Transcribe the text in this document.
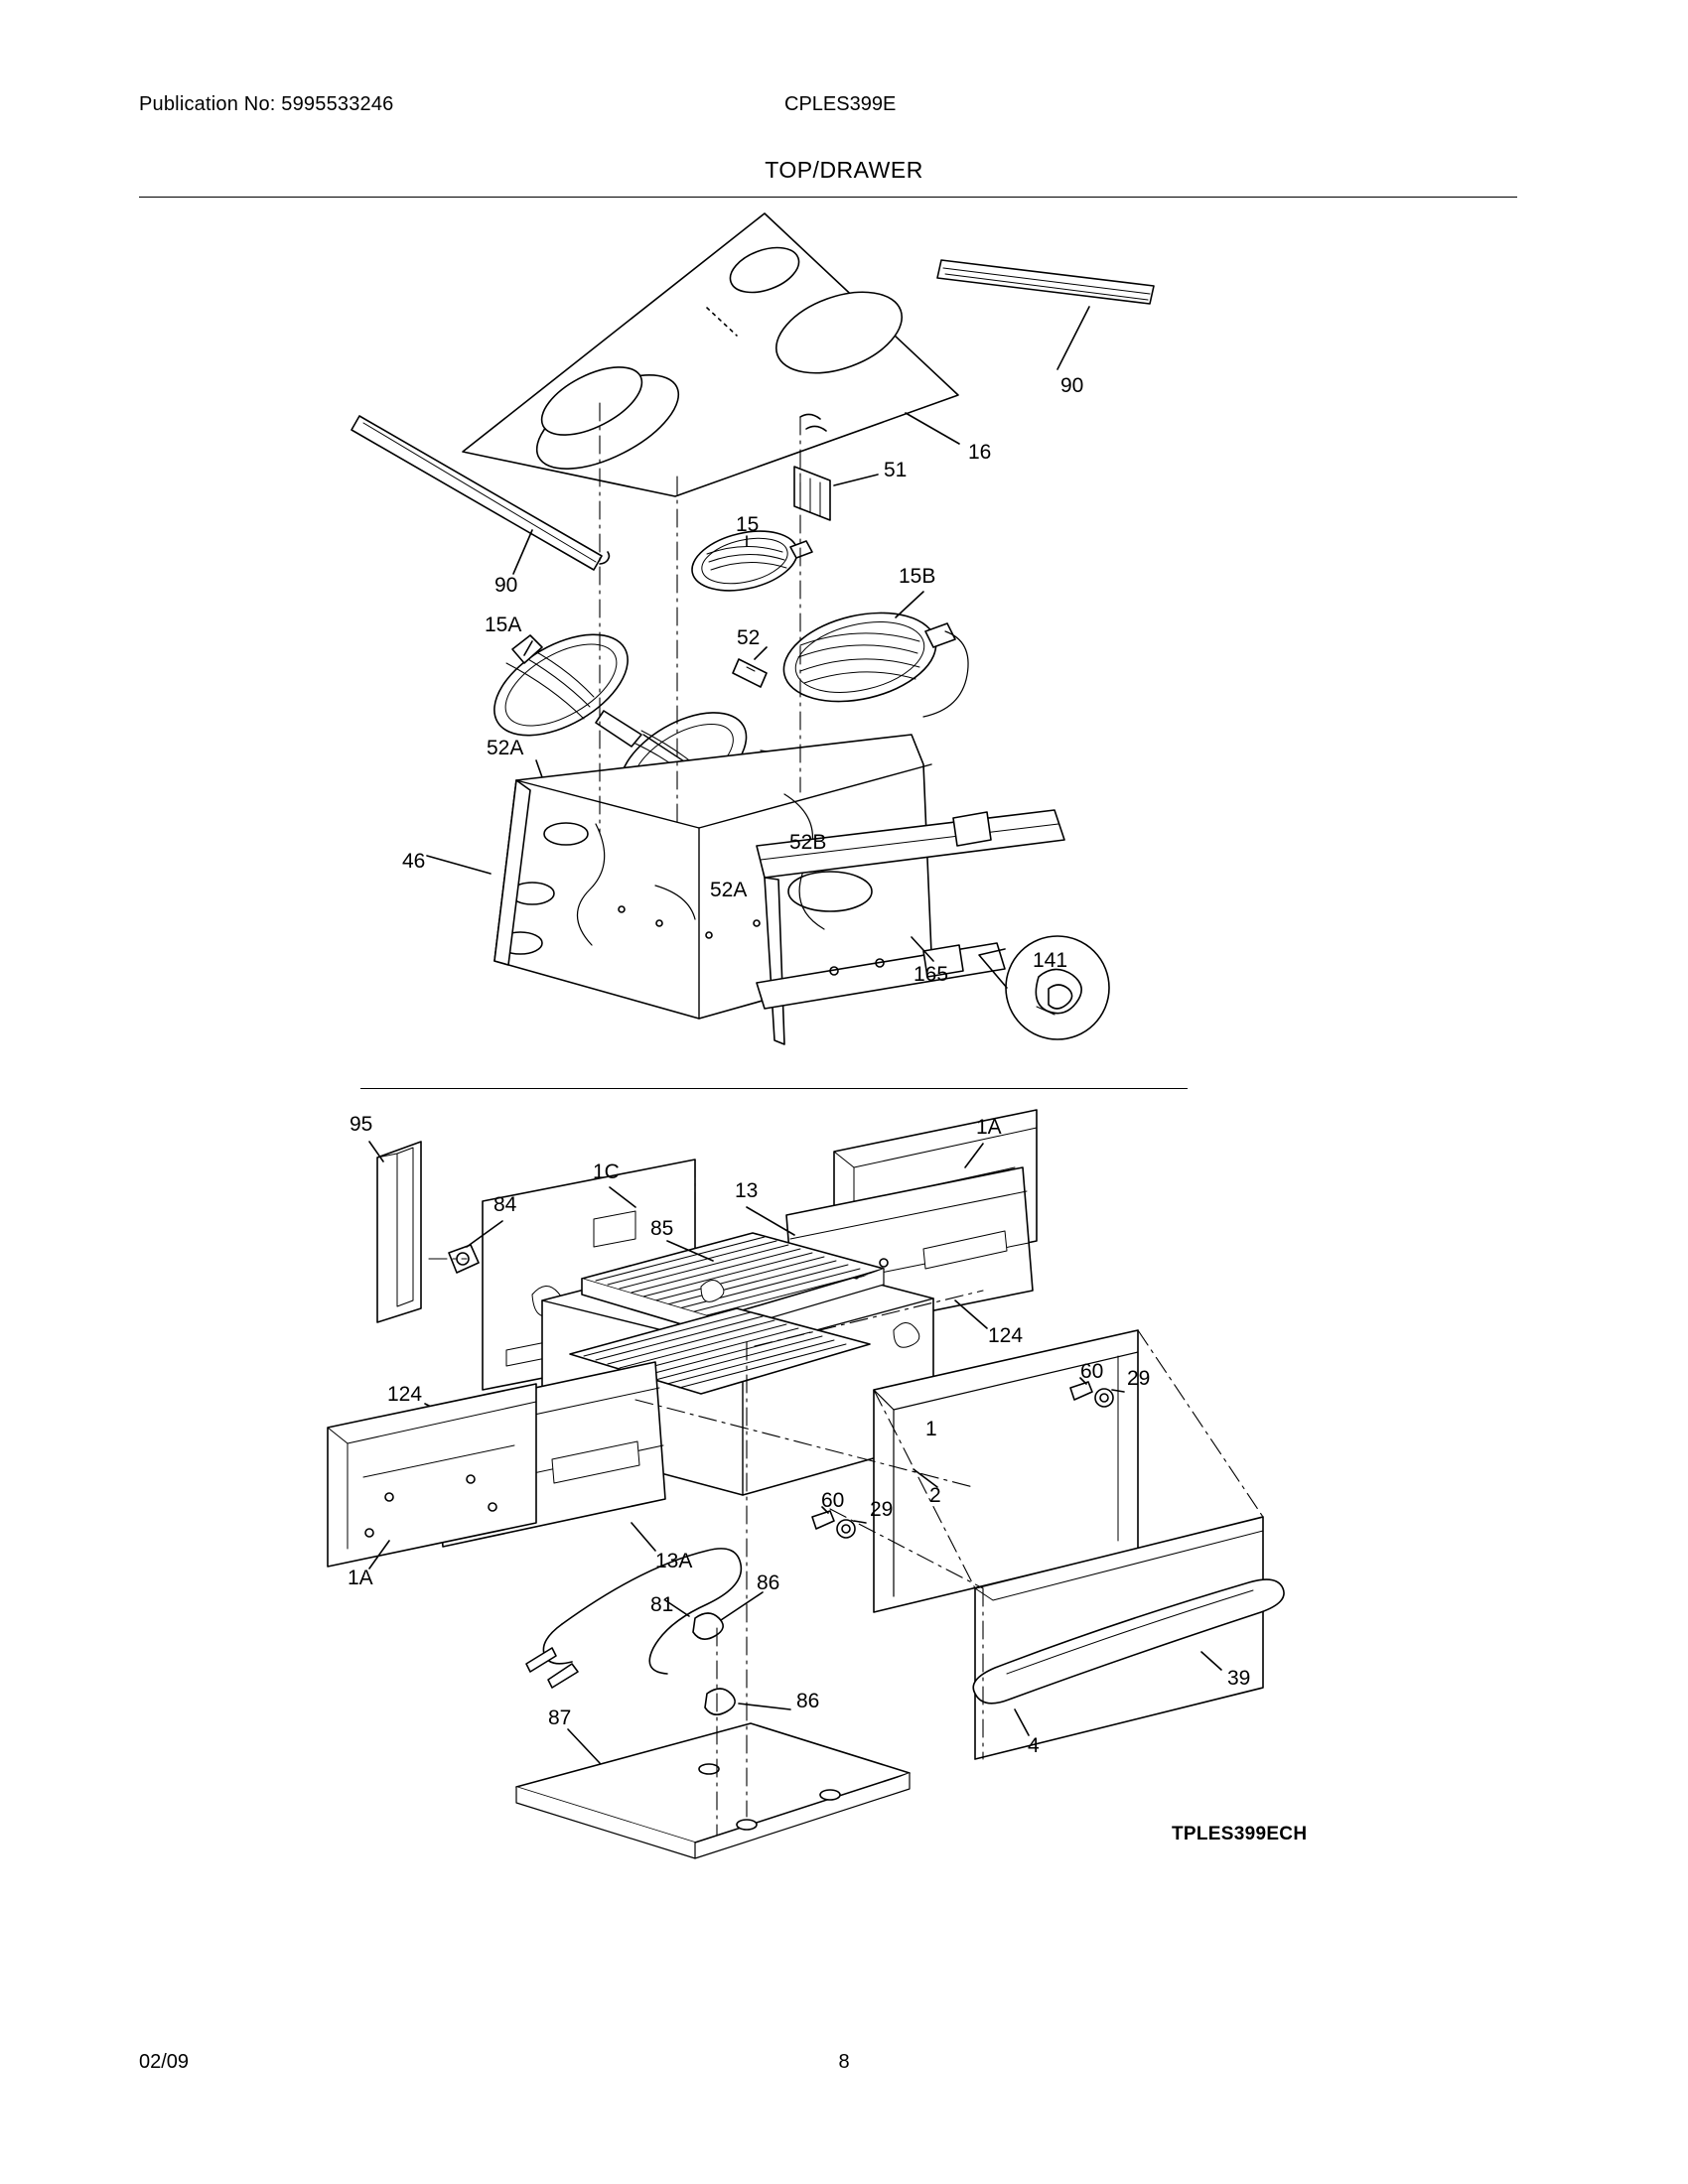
Publication No: 5995533246	CPLES399E
TOP/DRAWER
90
16
51
15
15B
90
15A
52
52A
52B
46
52A
165
141
95	1A
1C
13
84
85
124
60 29
124
1
2
60 29
13A
1A	86
81
39
86
4
87
TPLES399ECH
02/09	8
